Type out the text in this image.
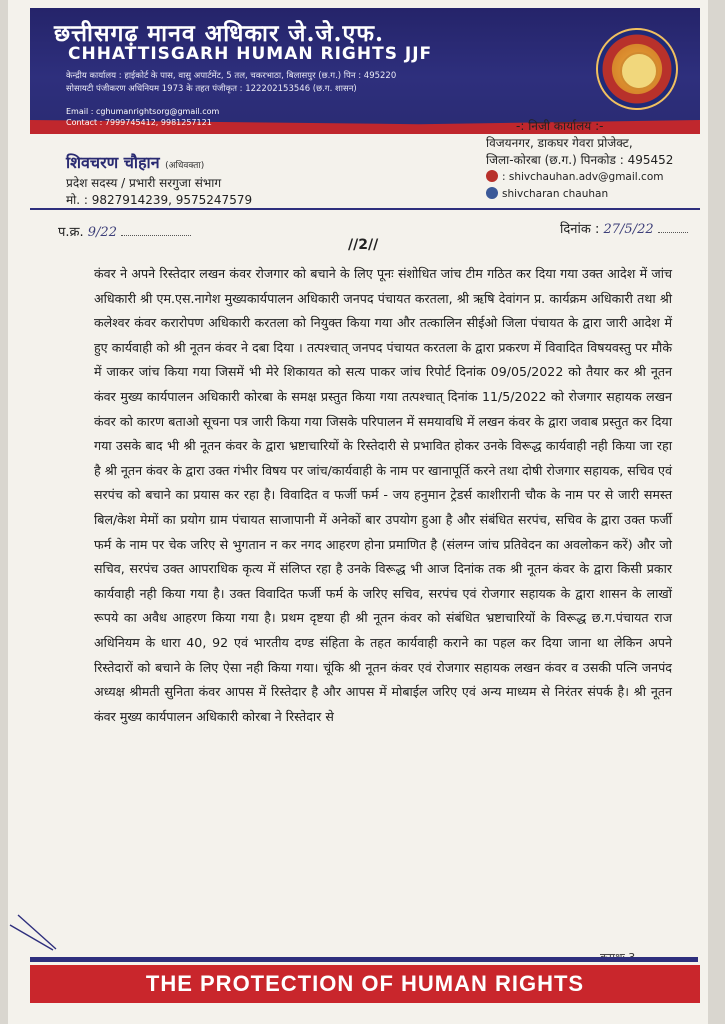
छत्तीसगढ़ मानव अधिकार जे.जे.एफ.
CHHATTISGARH HUMAN RIGHTS JJF
केन्द्रीय कार्यालय : हाईकोर्ट के पास, वासु अपार्टमेंट, 5 तल, चकरभाठा, बिलासपुर (छ.ग.) पिन : 495220
सोसायटी पंजीकरण अधिनियम 1973 के तहत पंजीकृत : 122202153546 (छ.ग. शासन)
Email : cghumanrightsorg@gmail.com
Contact : 7999745412, 9981257121
शिवचरण चौहान (अधिवक्ता)
प्रदेश सदस्य / प्रभारी सरगुजा संभाग
मो. : 9827914239, 9575247579
-: निजी कार्यालय :-
विजयनगर, डाकघर गेवरा प्रोजेक्ट,
जिला-कोरबा (छ.ग.) पिनकोड : 495452
: shivchauhan.adv@gmail.com
shivcharan chauhan
प.क्र. 9/22	दिनांक : 27/5/22
//2//
कंवर ने अपने रिस्तेदार लखन कंवर रोजगार को बचाने के लिए पूनः संशोधित जांच टीम गठित कर दिया गया उक्त आदेश में जांच अधिकारी श्री एम.एस.नागेश मुख्यकार्यपालन अधिकारी जनपद पंचायत करतला, श्री ऋषि देवांगन प्र. कार्यक्रम अधिकारी तथा श्री कलेश्वर कंवर करारोपण अधिकारी करतला को नियुक्त किया गया और तत्कालिन सीईओ जिला पंचायत के द्वारा जारी आदेश में हुए कार्यवाही को श्री नूतन कंवर ने दबा दिया । तत्पश्चात् जनपद पंचायत करतला के द्वारा प्रकरण में विवादित विषयवस्तु पर मौके में जाकर जांच किया गया जिसमें भी मेरे शिकायत को सत्य पाकर जांच रिपोर्ट दिनांक 09/05/2022 को तैयार कर श्री नूतन कंवर मुख्य कार्यपालन अधिकारी कोरबा के समक्ष प्रस्तुत किया गया तत्पश्चात् दिनांक 11/5/2022 को रोजगार सहायक लखन कंवर को कारण बताओ सूचना पत्र जारी किया गया जिसके परिपालन में समयावधि में लखन कंवर के द्वारा जवाब प्रस्तुत कर दिया गया उसके बाद भी श्री नूतन कंवर के द्वारा भ्रष्टाचारियों के रिस्तेदारी से प्रभावित होकर उनके विरूद्ध कार्यवाही नही किया जा रहा है श्री नूतन कंवर के द्वारा उक्त गंभीर विषय पर जांच/कार्यवाही के नाम पर खानापूर्ति करने तथा दोषी रोजगार सहायक, सचिव एवं सरपंच को बचाने का प्रयास कर रहा है। विवादित व फर्जी फर्म - जय हनुमान ट्रेडर्स काशीरानी चौक के नाम पर से जारी समस्त बिल/केश मेमों का प्रयोग ग्राम पंचायत साजापानी में अनेकों बार उपयोग हुआ है और संबंधित सरपंच, सचिव के द्वारा उक्त फर्जी फर्म के नाम पर चेक जरिए से भुगतान न कर नगद आहरण होना प्रमाणित है (संलग्न जांच प्रतिवेदन का अवलोकन करें) और जो सचिव, सरपंच उक्त आपराधिक कृत्य में संलिप्त रहा है उनके विरूद्ध भी आज दिनांक तक श्री नूतन कंवर के द्वारा किसी प्रकार कार्यवाही नही किया गया है। उक्त विवादित फर्जी फर्म के जरिए सचिव, सरपंच एवं रोजगार सहायक के द्वारा शासन के लाखों रूपये का अवैध आहरण किया गया है। प्रथम दृष्टया ही श्री नूतन कंवर को संबंधित भ्रष्टाचारियों के विरूद्ध छ.ग.पंचायत राज अधिनियम के धारा 40, 92 एवं भारतीय दण्ड संहिता के तहत कार्यवाही कराने का पहल कर दिया जाना था लेकिन अपने रिस्तेदारों को बचाने के लिए ऐसा नही किया गया। चूंकि श्री नूतन कंवर एवं रोजगार सहायक लखन कंवर व उसकी पत्नि जनपंद अध्यक्ष श्रीमती सुनिता कंवर आपस में रिस्तेदार है और आपस में मोबाईल जरिए एवं अन्य माध्यम से निरंतर संपर्क है। श्री नूतन कंवर मुख्य कार्यपालन अधिकारी कोरबा ने रिस्तेदार से
THE PROTECTION OF HUMAN RIGHTS
